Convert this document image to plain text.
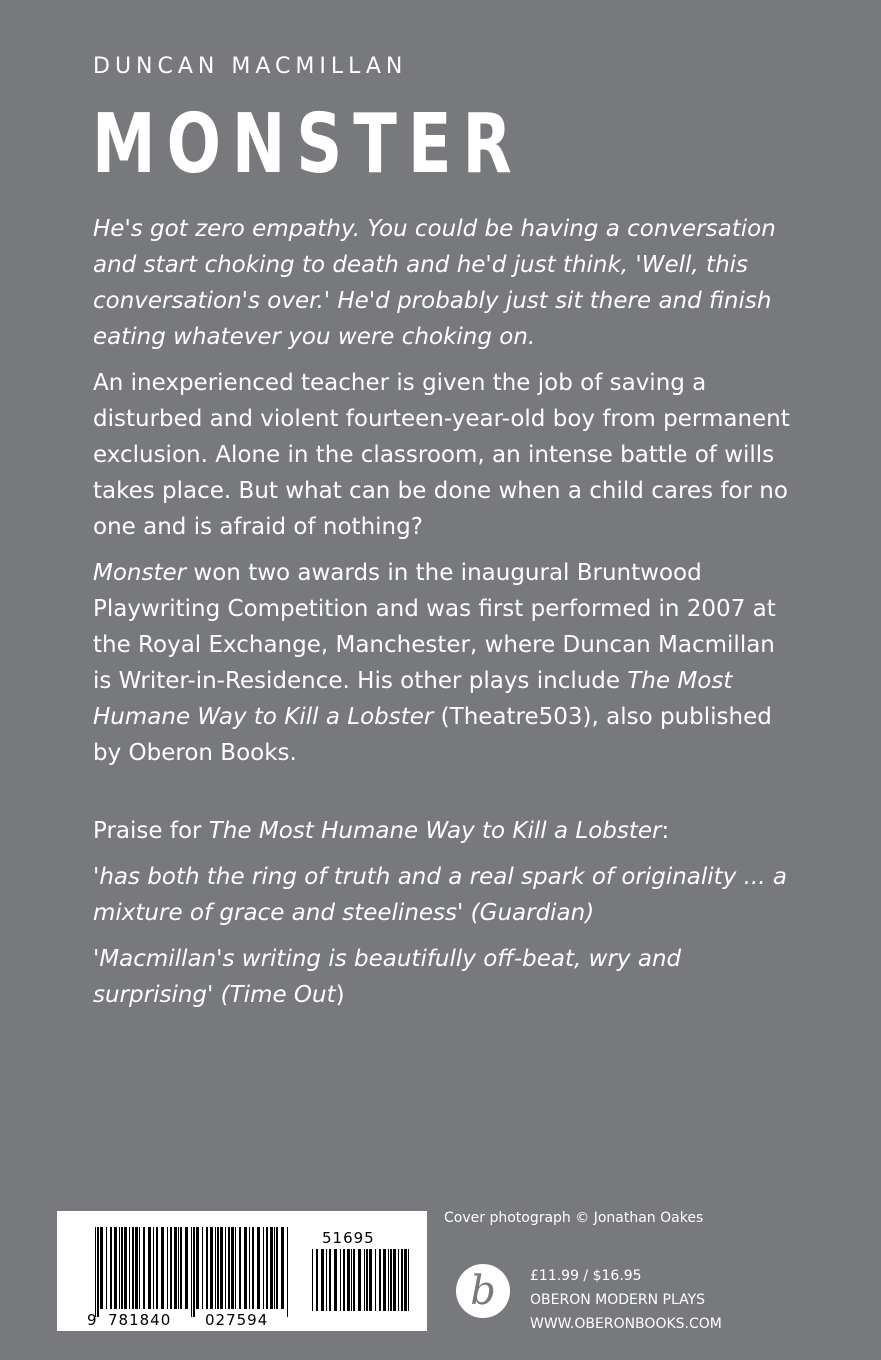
DUNCAN MACMILLAN
MONSTER

He's got zero empathy. You could be having a conversation and start choking to death and he'd just think, 'Well, this conversation's over.' He'd probably just sit there and finish eating whatever you were choking on.

An inexperienced teacher is given the job of saving a disturbed and violent fourteen-year-old boy from permanent exclusion. Alone in the classroom, an intense battle of wills takes place. But what can be done when a child cares for no one and is afraid of nothing?

Monster won two awards in the inaugural Bruntwood Playwriting Competition and was first performed in 2007 at the Royal Exchange, Manchester, where Duncan Macmillan is Writer-in-Residence. His other plays include The Most Humane Way to Kill a Lobster (Theatre503), also published by Oberon Books.

Praise for The Most Humane Way to Kill a Lobster:

'has both the ring of truth and a real spark of originality ... a mixture of grace and steeliness' (Guardian)

'Macmillan's writing is beautifully off-beat, wry and surprising' (Time Out)

9 781840 027594
51695
Cover photograph © Jonathan Oakes
b	£11.99 / $16.95
OBERON MODERN PLAYS
WWW.OBERONBOOKS.COM
